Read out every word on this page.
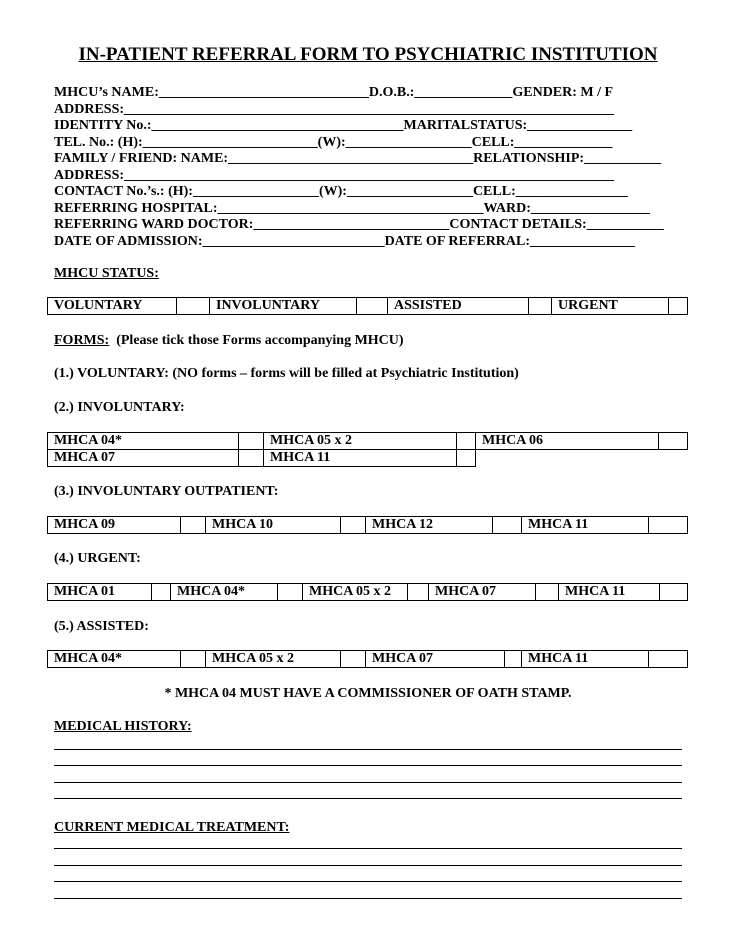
IN-PATIENT REFERRAL FORM TO PSYCHIATRIC INSTITUTION
MHCU’s NAME:______________________________D.O.B.:______________GENDER: M / F
ADDRESS:______________________________________________________________________
IDENTITY No.:____________________________________MARITALSTATUS:_______________
TEL. No.: (H):_________________________(W):__________________CELL:______________
FAMILY / FRIEND: NAME:___________________________________RELATIONSHIP:___________
ADDRESS:______________________________________________________________________
CONTACT No.’s.: (H):__________________(W):__________________CELL:________________
REFERRING HOSPITAL:______________________________________WARD:_________________
REFERRING WARD DOCTOR:____________________________CONTACT DETAILS:___________
DATE OF ADMISSION:__________________________DATE OF REFERRAL:_______________
MHCU STATUS:
VOLUNTARY		INVOLUNTARY		ASSISTED		URGENT	
FORMS: (Please tick those Forms accompanying MHCU)
(1.) VOLUNTARY: (NO forms – forms will be filled at Psychiatric Institution)
(2.) INVOLUNTARY:
MHCA 04*		MHCA 05 x 2		MHCA 06	
MHCA 07		MHCA 11			
(3.) INVOLUNTARY OUTPATIENT:
MHCA 09		MHCA 10		MHCA 12		MHCA 11	
(4.) URGENT:
MHCA 01		MHCA 04*		MHCA 05 x 2		MHCA 07		MHCA 11	
(5.) ASSISTED:
MHCA 04*		MHCA 05 x 2		MHCA 07		MHCA 11	
* MHCA 04 MUST HAVE A COMMISSIONER OF OATH STAMP.
MEDICAL HISTORY:
CURRENT MEDICAL TREATMENT:
